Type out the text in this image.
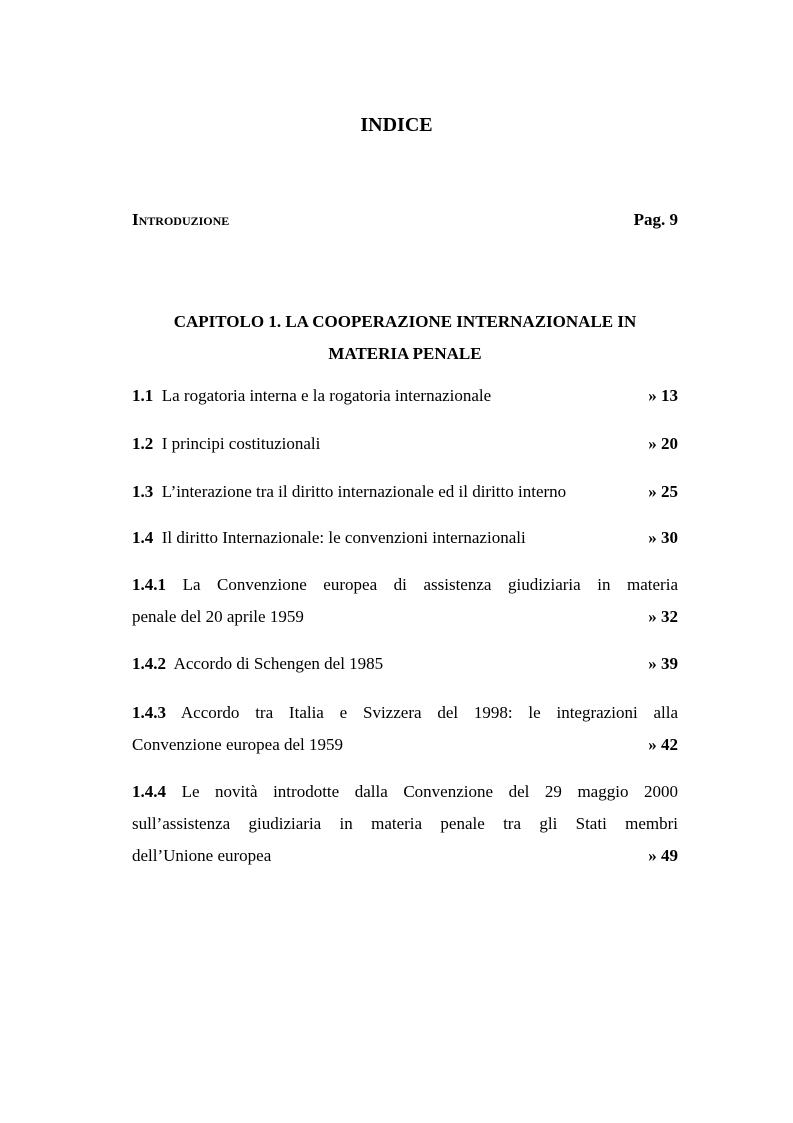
INDICE
Introduzione	Pag. 9
CAPITOLO 1. LA COOPERAZIONE INTERNAZIONALE IN
MATERIA PENALE
1.1 La rogatoria interna e la rogatoria internazionale	» 13
1.2 I principi costituzionali	» 20
1.3 L’interazione tra il diritto internazionale ed il diritto interno	» 25
1.4 Il diritto Internazionale: le convenzioni internazionali	» 30
1.4.1 La Convenzione europea di assistenza giudiziaria in materia
penale del 20 aprile 1959	» 32
1.4.2 Accordo di Schengen del 1985	» 39
1.4.3 Accordo tra Italia e Svizzera del 1998: le integrazioni alla
Convenzione europea del 1959	» 42
1.4.4 Le novità introdotte dalla Convenzione del 29 maggio 2000
sull’assistenza giudiziaria in materia penale tra gli Stati membri
dell’Unione europea	» 49
